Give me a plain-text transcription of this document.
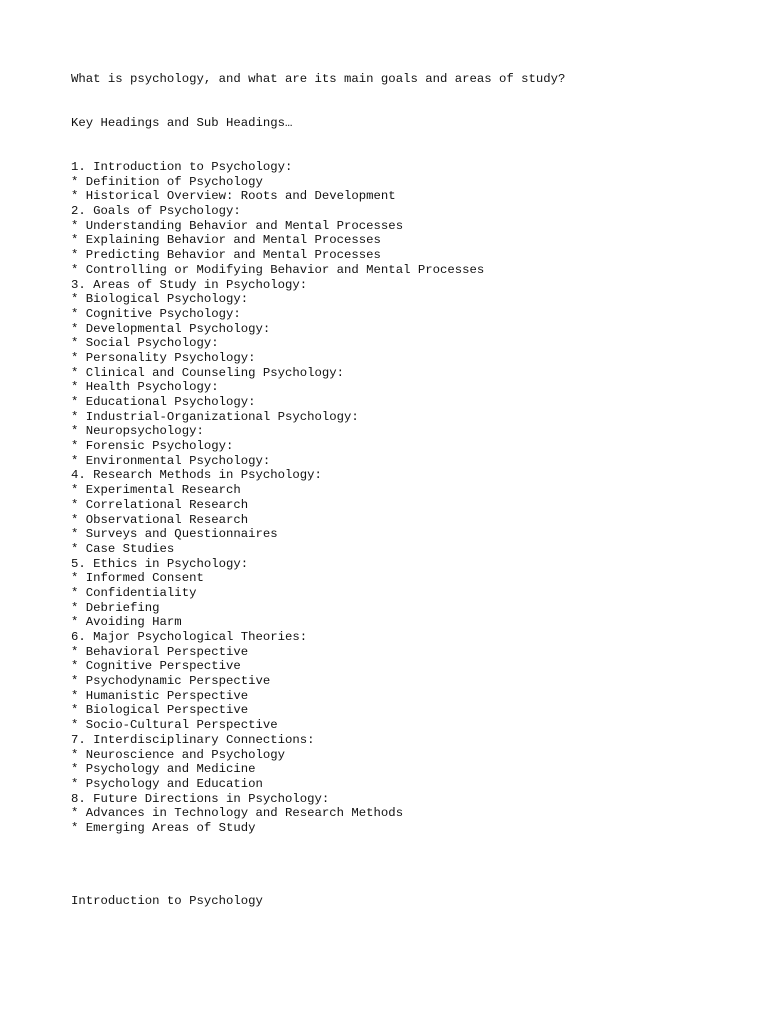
What is psychology, and what are its main goals and areas of study?
Key Headings and Sub Headings…
1. Introduction to Psychology:
* Definition of Psychology
* Historical Overview: Roots and Development
2. Goals of Psychology:
* Understanding Behavior and Mental Processes
* Explaining Behavior and Mental Processes
* Predicting Behavior and Mental Processes
* Controlling or Modifying Behavior and Mental Processes
3. Areas of Study in Psychology:
* Biological Psychology:
* Cognitive Psychology:
* Developmental Psychology:
* Social Psychology:
* Personality Psychology:
* Clinical and Counseling Psychology:
* Health Psychology:
* Educational Psychology:
* Industrial-Organizational Psychology:
* Neuropsychology:
* Forensic Psychology:
* Environmental Psychology:
4. Research Methods in Psychology:
* Experimental Research
* Correlational Research
* Observational Research
* Surveys and Questionnaires
* Case Studies
5. Ethics in Psychology:
* Informed Consent
* Confidentiality
* Debriefing
* Avoiding Harm
6. Major Psychological Theories:
* Behavioral Perspective
* Cognitive Perspective
* Psychodynamic Perspective
* Humanistic Perspective
* Biological Perspective
* Socio-Cultural Perspective
7. Interdisciplinary Connections:
* Neuroscience and Psychology
* Psychology and Medicine
* Psychology and Education
8. Future Directions in Psychology:
* Advances in Technology and Research Methods
* Emerging Areas of Study
Introduction to Psychology
